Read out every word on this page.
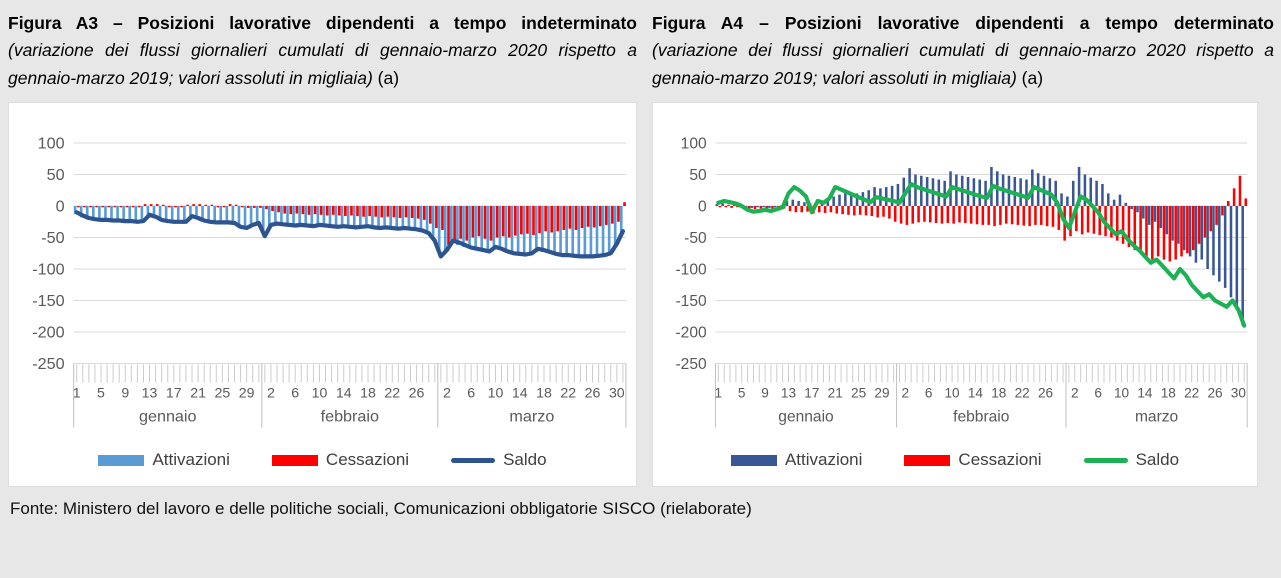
Figura A3 – Posizioni lavorative dipendenti a tempo indeterminato (variazione dei flussi giornalieri cumulati di gennaio-marzo 2020 rispetto a gennaio-marzo 2019; valori assoluti in migliaia) (a)

100
50
0
-50
-100
-150
-200
-250
1 5 9 13 17 21 25 29
gennaio
2 6 10 14 18 22 26
febbraio
2 6 10 14 18 22 26 30
marzo
Attivazioni	Cessazioni	Saldo

Figura A4 – Posizioni lavorative dipendenti a tempo determinato (variazione dei flussi giornalieri cumulati di gennaio-marzo 2020 rispetto a gennaio-marzo 2019; valori assoluti in migliaia) (a)

100
50
0
-50
-100
-150
-200
-250
1 5 9 13 17 21 25 29
gennaio
2 6 10 14 18 22 26
febbraio
2 6 10 14 18 22 26 30
marzo
Attivazioni	Cessazioni	Saldo

Fonte: Ministero del lavoro e delle politiche sociali, Comunicazioni obbligatorie SISCO (rielaborate)
